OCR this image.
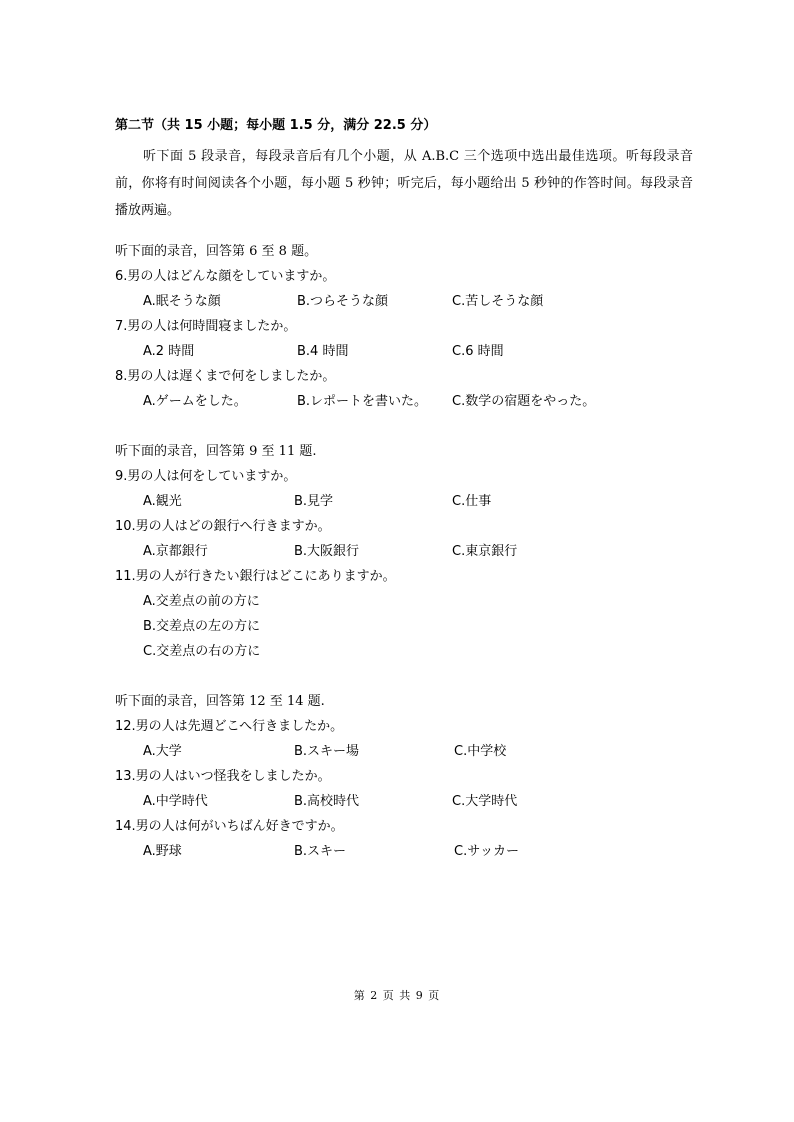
第二节（共 15 小题；每小题 1.5 分，满分 22.5 分）
听下面 5 段录音，每段录音后有几个小题，从 A.B.C 三个选项中选出最佳选项。听每段录音前，你将有时间阅读各个小题，每小题 5 秒钟；听完后，每小题给出 5 秒钟的作答时间。每段录音播放两遍。
听下面的录音，回答第 6 至 8 题。
6.男の人はどんな顔をしていますか。
A.眠そうな顔	B.つらそうな顔	C.苦しそうな顔
7.男の人は何時間寝ましたか。
A.2 時間	B.4 時間	C.6 時間
8.男の人は遅くまで何をしましたか。
A.ゲームをした。	B.レポートを書いた。 C.数学の宿題をやった。
听下面的录音，回答第 9 至 11 题.
9.男の人は何をしていますか。
A.観光	B.見学	C.仕事
10.男の人はどの銀行へ行きますか。
A.京都銀行	B.大阪銀行	C.東京銀行
11.男の人が行きたい銀行はどこにありますか。
A.交差点の前の方に
B.交差点の左の方に
C.交差点の右の方に
听下面的录音，回答第 12 至 14 题.
12.男の人は先週どこへ行きましたか。
A.大学	B.スキー場	C.中学校
13.男の人はいつ怪我をしましたか。
A.中学時代	B.高校時代	C.大学時代
14.男の人は何がいちばん好きですか。
A.野球	B.スキー	C.サッカー
第 2 页 共 9 页
